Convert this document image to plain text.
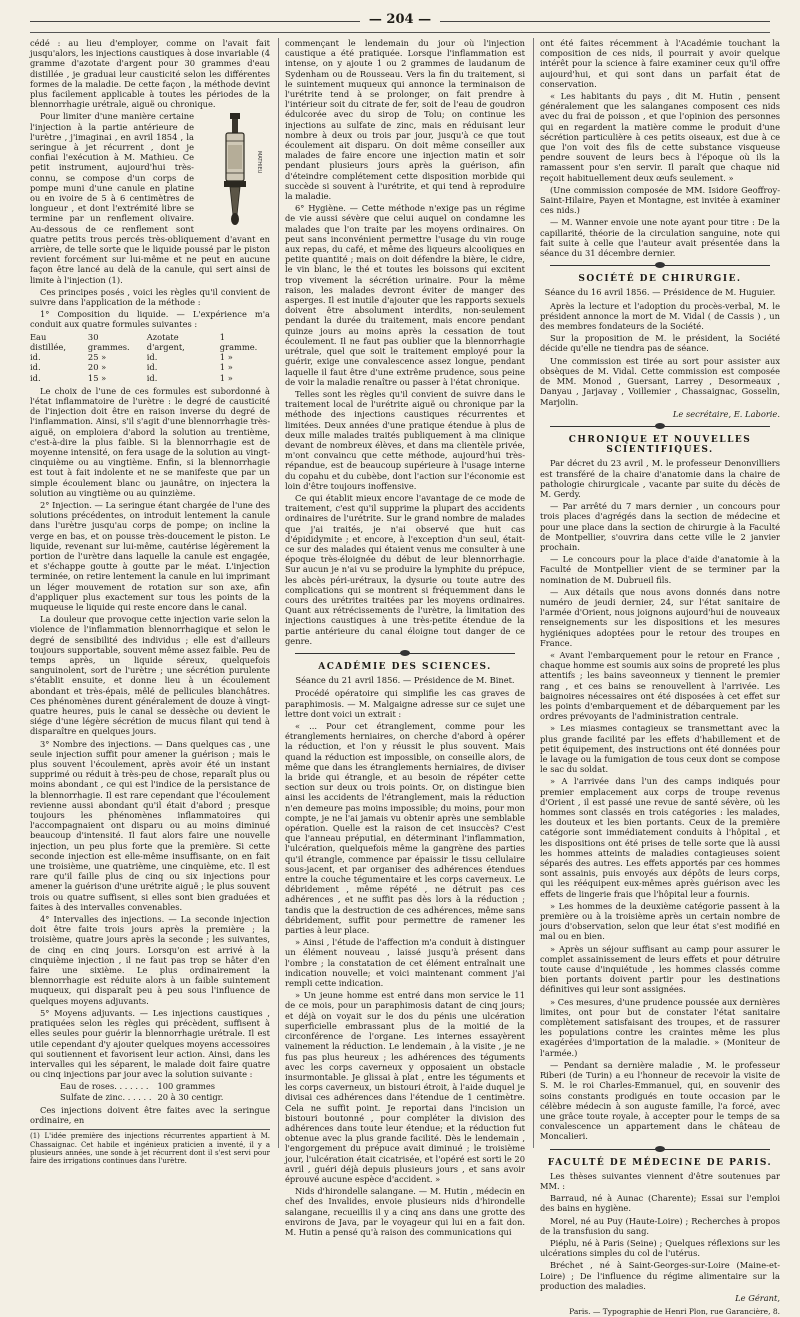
— 204 —

cédé : au lieu d'employer, comme on l'avait fait jusqu'alors, les injections caustiques à dose invariable (4 gramme d'azotate d'argent pour 30 grammes d'eau distillée , je graduai leur causticité selon les différentes formes de la maladie. De cette façon , la méthode devint plus facilement applicable à toutes les périodes de la blennorrhagie urétrale, aiguë ou chronique.

MATHIEU

Pour limiter d'une manière certaine l'injection à la partie antérieure de l'urètre , j'imaginai , en avril 1854 , la seringue à jet récurrent , dont je confiai l'exécution à M. Mathieu. Ce petit instrument, aujourd'hui très-connu, se compose d'un corps de pompe muni d'une canule en platine ou en ivoire de 5 à 6 centimètres de longueur , et dont l'extrémité libre se termine par un renflement olivaire. Au-dessous de ce renflement sont quatre petits trous percés très-obliquement d'avant en arrière, de telle sorte que le liquide poussé par le piston revient forcément sur lui-même et ne peut en aucune façon être lancé au delà de la canule, qui sert ainsi de limite à l'injection (1).

Ces principes posés , voici les règles qu'il convient de suivre dans l'application de la méthode :

1° Composition du liquide. — L'expérience m'a conduit aux quatre formules suivantes :

Eau distillée,	30 grammes.	Azotate d'argent,	1 gramme.
id.	25 »	id.	1 »
id.	20 »	id.	1 »
id.	15 »	id.	1 »

Le choix de l'une de ces formules est subordonné à l'état inflammatoire de l'urètre : le degré de causticité de l'injection doit être en raison inverse du degré de l'inflammation. Ainsi, s'il s'agit d'une blennorrhagie très-aiguë, on emploiera d'abord la solution au trentième, c'est-à-dire la plus faible. Si la blennorrhagie est de moyenne intensité, on fera usage de la solution au vingt-cinquième ou au vingtième. Enfin, si la blennorrhagie est tout à fait indolente et ne se manifeste que par un simple écoulement blanc ou jaunâtre, on injectera la solution au vingtième ou au quinzième.

2° Injection. — La seringue étant chargée de l'une des solutions précédentes, on introduit lentement la canule dans l'urètre jusqu'au corps de pompe; on incline la verge en bas, et on pousse très-doucement le piston. Le liquide, revenant sur lui-même, cautérise légèrement la portion de l'urètre dans laquelle la canule est engagée, et s'échappe goutte à goutte par le méat. L'injection terminée, on retire lentement la canule en lui imprimant un léger mouvement de rotation sur son axe, afin d'appliquer plus exactement sur tous les points de la muqueuse le liquide qui reste encore dans le canal.

La douleur que provoque cette injection varie selon la violence de l'inflammation blennorrhagique et selon le degré de sensibilité des individus ; elle est d'ailleurs toujours supportable, souvent même assez faible. Peu de temps après, un liquide séreux, quelquefois sanguinolent, sort de l'urètre ; une sécrétion purulente s'établit ensuite, et donne lieu à un écoulement abondant et très-épais, mêlé de pellicules blanchâtres. Ces phénomènes durent généralement de douze à vingt-quatre heures, puis le canal se dessèche ou devient le siége d'une légère sécrétion de mucus filant qui tend à disparaître en quelques jours.

3° Nombre des injections. — Dans quelques cas , une seule injection suffit pour amener la guérison ; mais le plus souvent l'écoulement, après avoir été un instant supprimé ou réduit à très-peu de chose, reparaît plus ou moins abondant , ce qui est l'indice de la persistance de la blennorrhagie. Il est rare cependant que l'écoulement revienne aussi abondant qu'il était d'abord ; presque toujours les phénomènes inflammatoires qui l'accompagnaient ont disparu ou au moins diminué beaucoup d'intensité. Il faut alors faire une nouvelle injection, un peu plus forte que la première. Si cette seconde injection est elle-même insuffisante, on en fait une troisième, une quatrième, une cinquième, etc. Il est rare qu'il faille plus de cinq ou six injections pour amener la guérison d'une urétrite aiguë ; le plus souvent trois ou quatre suffisent, si elles sont bien graduées et faites à des intervalles convenables.

4° Intervalles des injections. — La seconde injection doit être faite trois jours après la première ; la troisième, quatre jours après la seconde ; les suivantes, de cinq en cinq jours. Lorsqu'on est arrivé à la cinquième injection , il ne faut pas trop se hâter d'en faire une sixième. Le plus ordinairement la blennorrhagie est réduite alors à un faible suintement muqueux, qui disparaît peu à peu sous l'influence de quelques moyens adjuvants.

5° Moyens adjuvants. — Les injections caustiques , pratiquées selon les règles qui précèdent, suffisent à elles seules pour guérir la blennorrhagie urétrale. Il est utile cependant d'y ajouter quelques moyens accessoires qui soutiennent et favorisent leur action. Ainsi, dans les intervalles qui les séparent, le malade doit faire quatre ou cinq injections par jour avec la solution suivante :

Eau de roses. . . . . . .	100 grammes
Sulfate de zinc. . . . . .	20 à 30 centigr.

Ces injections doivent être faites avec la seringue ordinaire, en

(1) L'idée première des injections récurrentes appartient à M. Chassaignac. Cet habile et ingénieux praticien a inventé, il y a plusieurs années, une sonde à jet récurrent dont il s'est servi pour faire des irrigations continues dans l'urètre.

commençant le lendemain du jour où l'injection caustique a été pratiquée. Lorsque l'inflammation est intense, on y ajoute 1 ou 2 grammes de laudanum de Sydenham ou de Rousseau. Vers la fin du traitement, si le suintement muqueux qui annonce la terminaison de l'urétrite tend à se prolonger, on fait prendre à l'intérieur soit du citrate de fer, soit de l'eau de goudron édulcorée avec du sirop de Tolu; on continue les injections au sulfate de zinc, mais en réduisant leur nombre à deux ou trois par jour, jusqu'à ce que tout écoulement ait disparu. On doit même conseiller aux malades de faire encore une injection matin et soir pendant plusieurs jours après la guérison, afin d'éteindre complétement cette disposition morbide qui succède si souvent à l'urétrite, et qui tend à reproduire la maladie.

6° Hygiène. — Cette méthode n'exige pas un régime de vie aussi sévère que celui auquel on condamne les malades que l'on traite par les moyens ordinaires. On peut sans inconvénient permettre l'usage du vin rouge aux repas, du café, et même des liqueurs alcooliques en petite quantité ; mais on doit défendre la bière, le cidre, le vin blanc, le thé et toutes les boissons qui excitent trop vivement la sécrétion urinaire. Pour la même raison, les malades devront éviter de manger des asperges. Il est inutile d'ajouter que les rapports sexuels doivent être absolument interdits, non-seulement pendant la durée du traitement, mais encore pendant quinze jours au moins après la cessation de tout écoulement. Il ne faut pas oublier que la blennorrhagie urétrale, quel que soit le traitement employé pour la guérir, exige une convalescence assez longue, pendant laquelle il faut être d'une extrême prudence, sous peine de voir la maladie renaître ou passer à l'état chronique.

Telles sont les règles qu'il convient de suivre dans le traitement local de l'urétrite aiguë ou chronique par la méthode des injections caustiques récurrentes et limitées. Deux années d'une pratique étendue à plus de deux mille malades traités publiquement à ma clinique devant de nombreux élèves, et dans ma clientèle privée, m'ont convaincu que cette méthode, aujourd'hui très-répandue, est de beaucoup supérieure à l'usage interne du copahu et du cubèbe, dont l'action sur l'économie est loin d'être toujours inoffensive.

Ce qui établit mieux encore l'avantage de ce mode de traitement, c'est qu'il supprime la plupart des accidents ordinaires de l'urétrite. Sur le grand nombre de malades que j'ai traités, je n'ai observé que huit cas d'épididymite ; et encore, à l'exception d'un seul, était-ce sur des malades qui étaient venus me consulter à une époque très-éloignée du début de leur blennorrhagie. Sur aucun je n'ai vu se produire la lymphite du prépuce, les abcès péri-urétraux, la dysurie ou toute autre des complications qui se montrent si fréquemment dans le cours des urétrites traitées par les moyens ordinaires. Quant aux rétrécissements de l'urètre, la limitation des injections caustiques à une très-petite étendue de la partie antérieure du canal éloigne tout danger de ce genre.

ACADÉMIE DES SCIENCES.
Séance du 21 avril 1856. — Présidence de M. Binet.

Procédé opératoire qui simplifie les cas graves de paraphimosis. — M. Malgaigne adresse sur ce sujet une lettre dont voici un extrait :

« ... Pour cet étranglement, comme pour les étranglements herniaires, on cherche d'abord à opérer la réduction, et l'on y réussit le plus souvent. Mais quand la réduction est impossible, on conseille alors, de même que dans les étranglements herniaires, de diviser la bride qui étrangle, et au besoin de répéter cette section sur deux ou trois points. Or, on distingue bien ainsi les accidents de l'étranglement, mais la réduction n'en demeure pas moins impossible; du moins, pour mon compte, je ne l'ai jamais vu obtenir après une semblable opération. Quelle est la raison de cet insuccès? C'est que l'anneau préputial, en déterminant l'inflammation, l'ulcération, quelquefois même la gangrène des parties qu'il étrangle, commence par épaissir le tissu cellulaire sous-jacent, et par organiser des adhérences étendues entre la couche tégumentaire et les corps caverneux. Le débridement , même répété , ne détruit pas ces adhérences , et ne suffit pas dès lors à la réduction ; tandis que la destruction de ces adhérences, même sans débridement, suffit pour permettre de ramener les parties à leur place.

» Ainsi , l'étude de l'affection m'a conduit à distinguer un élément nouveau , laissé jusqu'à présent dans l'ombre ; la constatation de cet élément entraînait une indication nouvelle; et voici maintenant comment j'ai rempli cette indication.

» Un jeune homme est entré dans mon service le 11 de ce mois, pour un paraphimosis datant de cinq jours; et déjà on voyait sur le dos du pénis une ulcération superficielle embrassant plus de la moitié de la circonférence de l'organe. Les internes essayèrent vainement la réduction. Le lendemain , à la visite , je ne fus pas plus heureux ; les adhérences des téguments avec les corps caverneux y opposaient un obstacle insurmontable. Je glissai à plat , entre les téguments et les corps caverneux, un bistouri étroit, à l'aide duquel je divisai ces adhérences dans l'étendue de 1 centimètre. Cela ne suffit point. Je reportai dans l'incision un bistouri boutonné , pour compléter la division des adhérences dans toute leur étendue; et la réduction fut obtenue avec la plus grande facilité. Dès le lendemain , l'engorgement du prépuce avait diminué ; le troisième jour, l'ulcération était cicatrisée, et l'opéré est sorti le 20 avril , guéri déjà depuis plusieurs jours , et sans avoir éprouvé aucune espèce d'accident. »

Nids d'hirondelle salangane. — M. Hutin , médecin en chef des Invalides, envoie plusieurs nids d'hirondelle salangane, recueillis il y a cinq ans dans une grotte des environs de Java, par le voyageur qui lui en a fait don. M. Hutin a pensé qu'à raison des communications qui

ont été faites récemment à l'Académie touchant la composition de ces nids, il pourrait y avoir quelque intérêt pour la science à faire examiner ceux qu'il offre aujourd'hui, et qui sont dans un parfait état de conservation.

« Les habitants du pays , dit M. Hutin , pensent généralement que les salanganes composent ces nids avec du frai de poisson , et que l'opinion des personnes qui en regardent la matière comme le produit d'une sécrétion particulière à ces petits oiseaux, est due à ce que l'on voit des fils de cette substance visqueuse pendre souvent de leurs becs à l'époque où ils la ramassent pour s'en servir. Il paraît que chaque nid reçoit habituellement deux œufs seulement. »

(Une commission composée de MM. Isidore Geoffroy-Saint-Hilaire, Payen et Montagne, est invitée à examiner ces nids.)

— M. Wanner envoie une note ayant pour titre : De la capillarité, théorie de la circulation sanguine, note qui fait suite à celle que l'auteur avait présentée dans la séance du 31 décembre dernier.

SOCIÉTÉ DE CHIRURGIE.
Séance du 16 avril 1856. — Présidence de M. Huguier.

Après la lecture et l'adoption du procès-verbal, M. le président annonce la mort de M. Vidal ( de Cassis ) , un des membres fondateurs de la Société.

Sur la proposition de M. le président, la Société décide qu'elle ne tiendra pas de séance.

Une commission est tirée au sort pour assister aux obsèques de M. Vidal. Cette commission est composée de MM. Monod , Guersant, Larrey , Desormeaux , Danyau , Jarjavay , Voillemier , Chassaignac, Gosselin, Marjolin.

Le secrétaire, E. Laborie.
CHRONIQUE ET NOUVELLES SCIENTIFIQUES.

Par décret du 23 avril , M. le professeur Denonvilliers est transféré de la chaire d'anatomie dans la chaire de pathologie chirurgicale , vacante par suite du décès de M. Gerdy.

— Par arrêté du 7 mars dernier , un concours pour trois places d'agrégés dans la section de médecine et pour une place dans la section de chirurgie à la Faculté de Montpellier, s'ouvrira dans cette ville le 2 janvier prochain.

— Le concours pour la place d'aide d'anatomie à la Faculté de Montpellier vient de se terminer par la nomination de M. Dubrueil fils.

— Aux détails que nous avons donnés dans notre numéro de jeudi dernier, 24, sur l'état sanitaire de l'armée d'Orient, nous joignons aujourd'hui de nouveaux renseignements sur les dispositions et les mesures hygiéniques adoptées pour le retour des troupes en France.

« Avant l'embarquement pour le retour en France , chaque homme est soumis aux soins de propreté les plus attentifs ; les bains saveonneux y tiennent le premier rang , et ces bains se renouvellent à l'arrivée. Les baignoires nécessaires ont été disposées à cet effet sur les points d'embarquement et de débarquement par les ordres prévoyants de l'administration centrale.

» Les miasmes contagieux se transmettant avec la plus grande facilité par les effets d'habillement et de petit équipement, des instructions ont été données pour le lavage ou la fumigation de tous ceux dont se compose le sac du soldat.

» A l'arrivée dans l'un des camps indiqués pour premier emplacement aux corps de troupe revenus d'Orient , il est passé une revue de santé sévère, où les hommes sont classés en trois catégories : les malades, les douteux et les bien portants. Ceux de la première catégorie sont immédiatement conduits à l'hôpital , et les dispositions ont été prises de telle sorte que là aussi les hommes atteints de maladies contagieuses soient séparés des autres. Les effets apportés par ces hommes sont assainis, puis envoyés aux dépôts de leurs corps, qui les rééquipent eux-mêmes après guérison avec les effets de lingerie frais que l'hôpital leur a fournis.

» Les hommes de la deuxième catégorie passent à la première ou à la troisième après un certain nombre de jours d'observation, selon que leur état s'est modifié en mal ou en bien.

» Après un séjour suffisant au camp pour assurer le complet assainissement de leurs effets et pour détruire toute cause d'inquiétude , les hommes classés comme bien portants doivent partir pour les destinations définitives qui leur sont assignées.

» Ces mesures, d'une prudence poussée aux dernières limites, ont pour but de constater l'état sanitaire complètement satisfaisant des troupes, et de rassurer les populations contre les craintes même les plus exagérées d'importation de la maladie. » (Moniteur de l'armée.)

— Pendant sa dernière maladie , M. le professeur Riberi (de Turin) a eu l'honneur de recevoir la visite de S. M. le roi Charles-Emmanuel, qui, en souvenir des soins constants prodigués en toute occasion par le célèbre médecin à son auguste famille, l'a forcé, avec une grâce toute royale, à accepter pour le temps de sa convalescence un appartement dans le château de Moncalieri.

FACULTÉ DE MÉDECINE DE PARIS.

Les thèses suivantes viennent d'être soutenues par MM. :

Barraud, né à Aunac (Charente); Essai sur l'emploi des bains en hygiène.

Morel, né au Puy (Haute-Loire) ; Recherches à propos de la transfusion du sang.

Piéplu, né à Paris (Seine) ; Quelques réflexions sur les ulcérations simples du col de l'utérus.

Bréchet , né à Saint-Georges-sur-Loire (Maine-et-Loire) ; De l'influence du régime alimentaire sur la production des maladies.

Le Gérant,
Paris. — Typographie de Henri Plon, rue Garancière, 8.
